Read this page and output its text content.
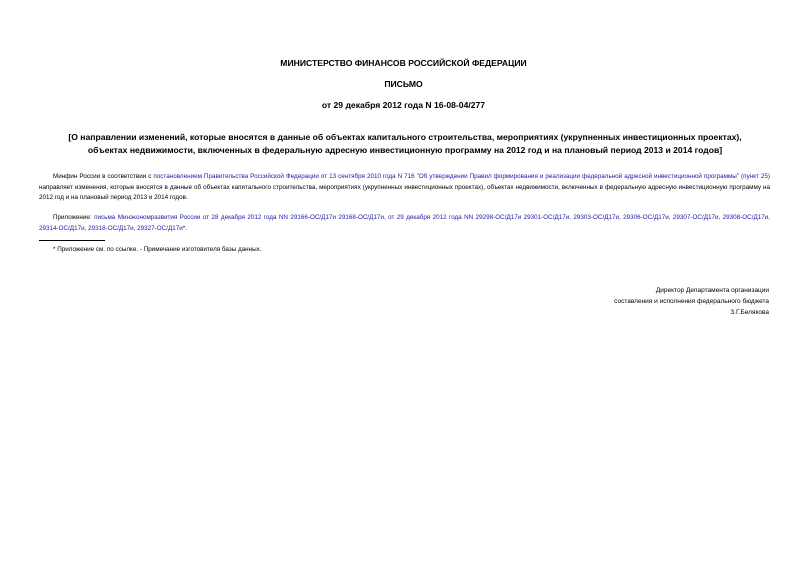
МИНИСТЕРСТВО ФИНАНСОВ РОССИЙСКОЙ ФЕДЕРАЦИИ
ПИСЬМО
от 29 декабря 2012 года N 16-08-04/277
[О направлении изменений, которые вносятся в данные об объектах капитального строительства, мероприятиях (укрупненных инвестиционных проектах),
объектах недвижимости, включенных в федеральную адресную инвестиционную программу на 2012 год и на плановый период 2013 и 2014 годов]
Минфин России в соответствии с постановлением Правительства Российской Федерации от 13 сентября 2010 года N 716 "Об утверждении Правил формирования и реализации федеральной адресной инвестиционной программы" (пункт 25) направляет изменения, которые вносятся в данные об объектах капитального строительства, мероприятиях (укрупненных инвестиционных проектах), объектах недвижимости, включенных в федеральную адресную инвестиционную программу на 2012 год и на плановый период 2013 и 2014 годов.
Приложение: письма Минэкономразвития России от 28 декабря 2012 года NN 29166-ОС/Д17и 29168-ОС/Д17и, от 29 декабря 2012 года NN 29298-ОС/Д17и 29301-ОС/Д17и, 29303-ОС/Д17и, 29306-ОС/Д17и, 29307-ОС/Д17и, 29308-ОС/Д17и, 29314-ОС/Д17и, 29318-ОС/Д17и, 29327-ОС/Д17и*.
* Приложение см. по ссылке. - Примечание изготовителя базы данных.
Директор Департамента организации
составления и исполнения федерального бюджета
З.Г.Белякова
